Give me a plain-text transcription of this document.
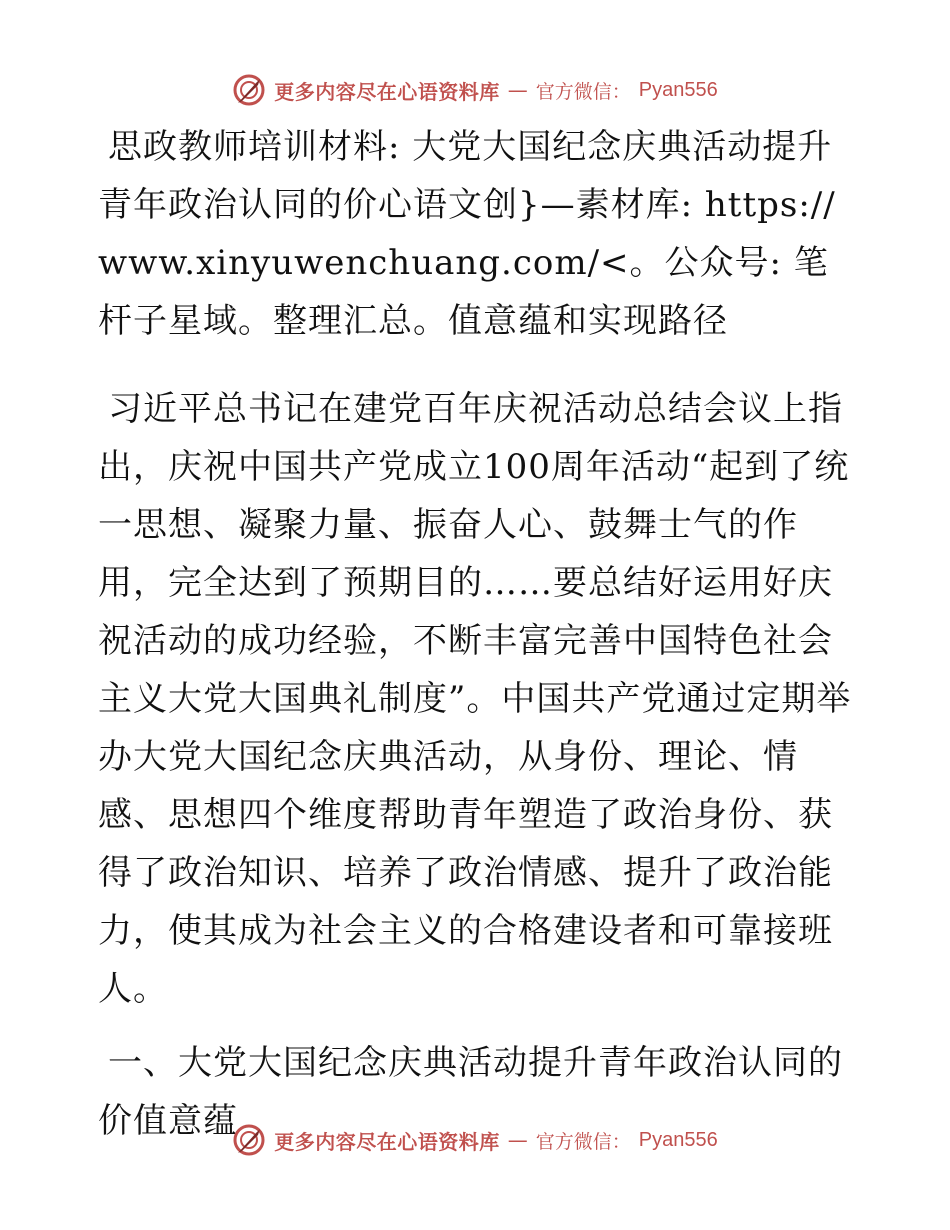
更多内容尽在心语资料库 — 官方微信： Pyan556

思政教师培训材料: 大党大国纪念庆典活动提升青年政治认同的价心语文创}—素材库: https://www.xinyuwenchuang.com/<。公众号: 笔杆子星域。整理汇总。值意蕴和实现路径

习近平总书记在建党百年庆祝活动总结会议上指出，庆祝中国共产党成立100周年活动“起到了统一思想、凝聚力量、振奋人心、鼓舞士气的作用，完全达到了预期目的……要总结好运用好庆祝活动的成功经验，不断丰富完善中国特色社会主义大党大国典礼制度”。中国共产党通过定期举办大党大国纪念庆典活动，从身份、理论、情感、思想四个维度帮助青年塑造了政治身份、获得了政治知识、培养了政治情感、提升了政治能力，使其成为社会主义的合格建设者和可靠接班人。

一、大党大国纪念庆典活动提升青年政治认同的价值意蕴

更多内容尽在心语资料库 — 官方微信： Pyan556
